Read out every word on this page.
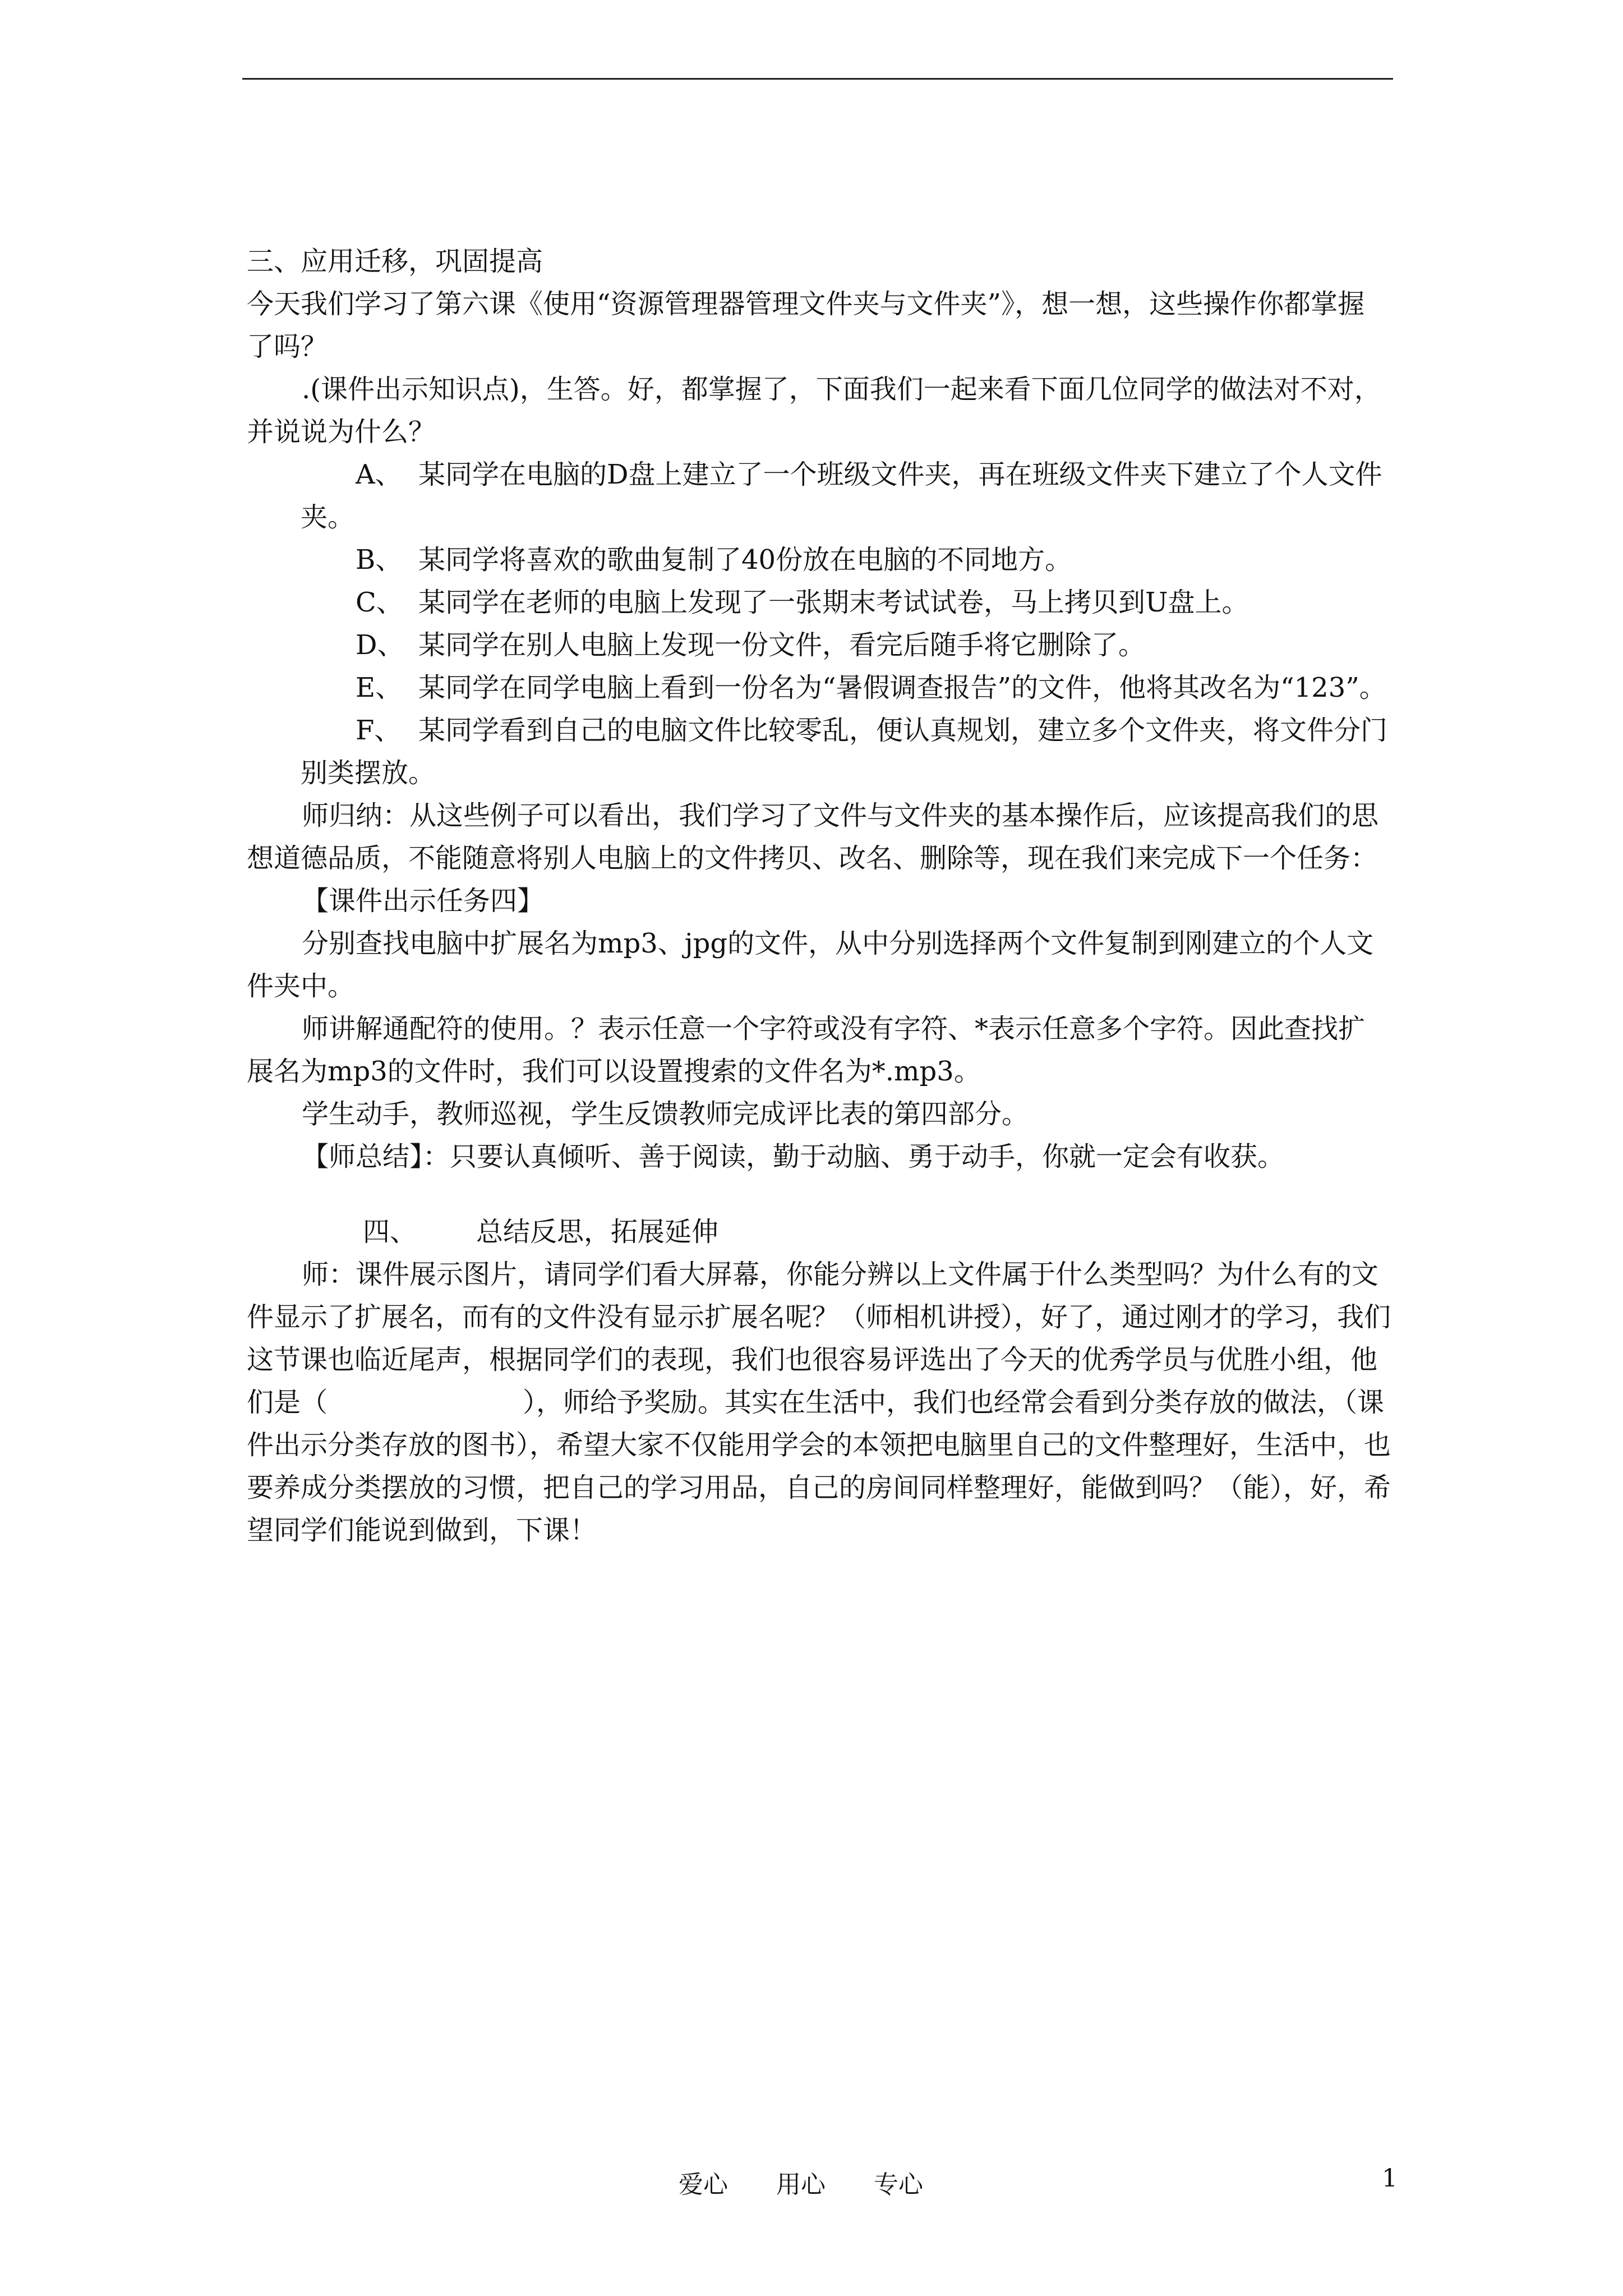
三、应用迁移，巩固提高

今天我们学习了第六课《使用“资源管理器管理文件夹与文件夹”》，想一想，这些操作你都掌握了吗？

.(课件出示知识点)，生答。好，都掌握了，下面我们一起来看下面几位同学的做法对不对，并说说为什么？

A、 某同学在电脑的D盘上建立了一个班级文件夹，再在班级文件夹下建立了个人文件夹。

B、 某同学将喜欢的歌曲复制了40份放在电脑的不同地方。

C、 某同学在老师的电脑上发现了一张期末考试试卷，马上拷贝到U盘上。

D、 某同学在别人电脑上发现一份文件，看完后随手将它删除了。

E、 某同学在同学电脑上看到一份名为“暑假调查报告”的文件，他将其改名为“123”。

F、 某同学看到自己的电脑文件比较零乱，便认真规划，建立多个文件夹，将文件分门别类摆放。

师归纳：从这些例子可以看出，我们学习了文件与文件夹的基本操作后，应该提高我们的思想道德品质，不能随意将别人电脑上的文件拷贝、改名、删除等，现在我们来完成下一个任务：

【课件出示任务四】

分别查找电脑中扩展名为mp3、jpg的文件，从中分别选择两个文件复制到刚建立的个人文件夹中。

师讲解通配符的使用。？表示任意一个字符或没有字符、*表示任意多个字符。因此查找扩展名为mp3的文件时，我们可以设置搜索的文件名为*.mp3。

学生动手，教师巡视，学生反馈教师完成评比表的第四部分。

【师总结】：只要认真倾听、善于阅读，勤于动脑、勇于动手，你就一定会有收获。

四、 总结反思，拓展延伸

师：课件展示图片，请同学们看大屏幕，你能分辨以上文件属于什么类型吗？为什么有的文件显示了扩展名，而有的文件没有显示扩展名呢？（师相机讲授），好了，通过刚才的学习，我们这节课也临近尾声，根据同学们的表现，我们也很容易评选出了今天的优秀学员与优胜小组，他们是（	），师给予奖励。其实在生活中，我们也经常会看到分类存放的做法，（课件出示分类存放的图书），希望大家不仅能用学会的本领把电脑里自己的文件整理好，生活中，也要养成分类摆放的习惯，把自己的学习用品，自己的房间同样整理好，能做到吗？（能），好，希望同学们能说到做到，下课！

爱心 用心 专心	1
